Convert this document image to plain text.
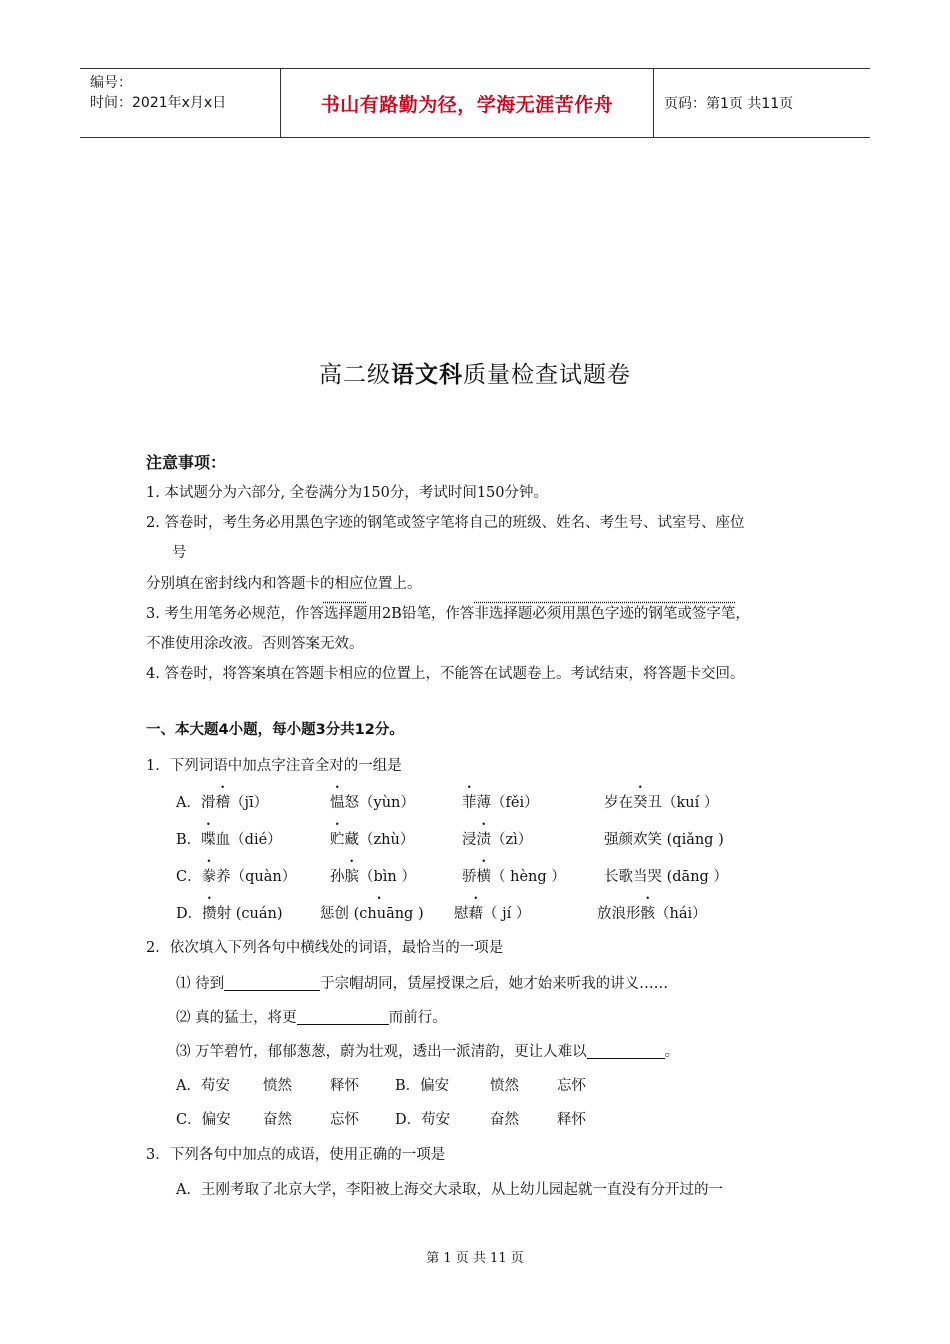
编号：
时间：2021年x月x日	书山有路勤为径，学海无涯苦作舟	页码：第1页 共11页
高二级语文科质量检查试题卷
注意事项：
1. 本试题分为六部分, 全卷满分为150分，考试时间150分钟。
2. 答卷时，考生务必用黑色字迹的钢笔或签字笔将自己的班级、姓名、考生号、试室号、座位
号
分别填在密封线内和答题卡的相应位置上。
3. 考生用笔务必规范，作答选择题用2B铅笔，作答非选择题必须用黑色字迹的钢笔或签字笔，
不准使用涂改液。否则答案无效。
4. 答卷时，将答案填在答题卡相应的位置上，不能答在试题卷上。考试结束，将答题卡交回。
一、本大题4小题，每小题3分共12分。
1．下列词语中加点字注音全对的一组是
A．滑稽（jī）	愠怒（yùn）	菲薄（fěi）	岁在癸丑（kuí ）
B．喋血（dié）	贮藏（zhù）	浸渍（zì）	强颜欢笑 (qiǎng )
C．豢养（quàn） 孙膑（bìn ）	骄横（ hèng ）	长歌当哭 (dāng ）
D．攒射 (cuán)	惩• 创 (chuāng ) 慰藉（ jí ）	放浪形骸（hái）
2．依次填入下列各句中横线处的词语，最恰当的一项是
⑴ 待到	于宗帽胡同，赁屋授课之后，她才始来听我的讲义……
⑵ 真的猛士，将更	而前行。
⑶ 万竿碧竹，郁郁葱葱，蔚为壮观，透出一派清韵，更让人难以	。
A．苟安 愤然	释怀 B．偏安	愤然	忘怀
C．偏安 奋然	忘怀 D．苟安	奋然	释怀
3．下列各句中加点的成语，使用正确的一项是
A．王刚考取了北京大学，李阳被上海交大录取，从上幼儿园起就一直没有分开过的一
第 1 页 共 11 页
